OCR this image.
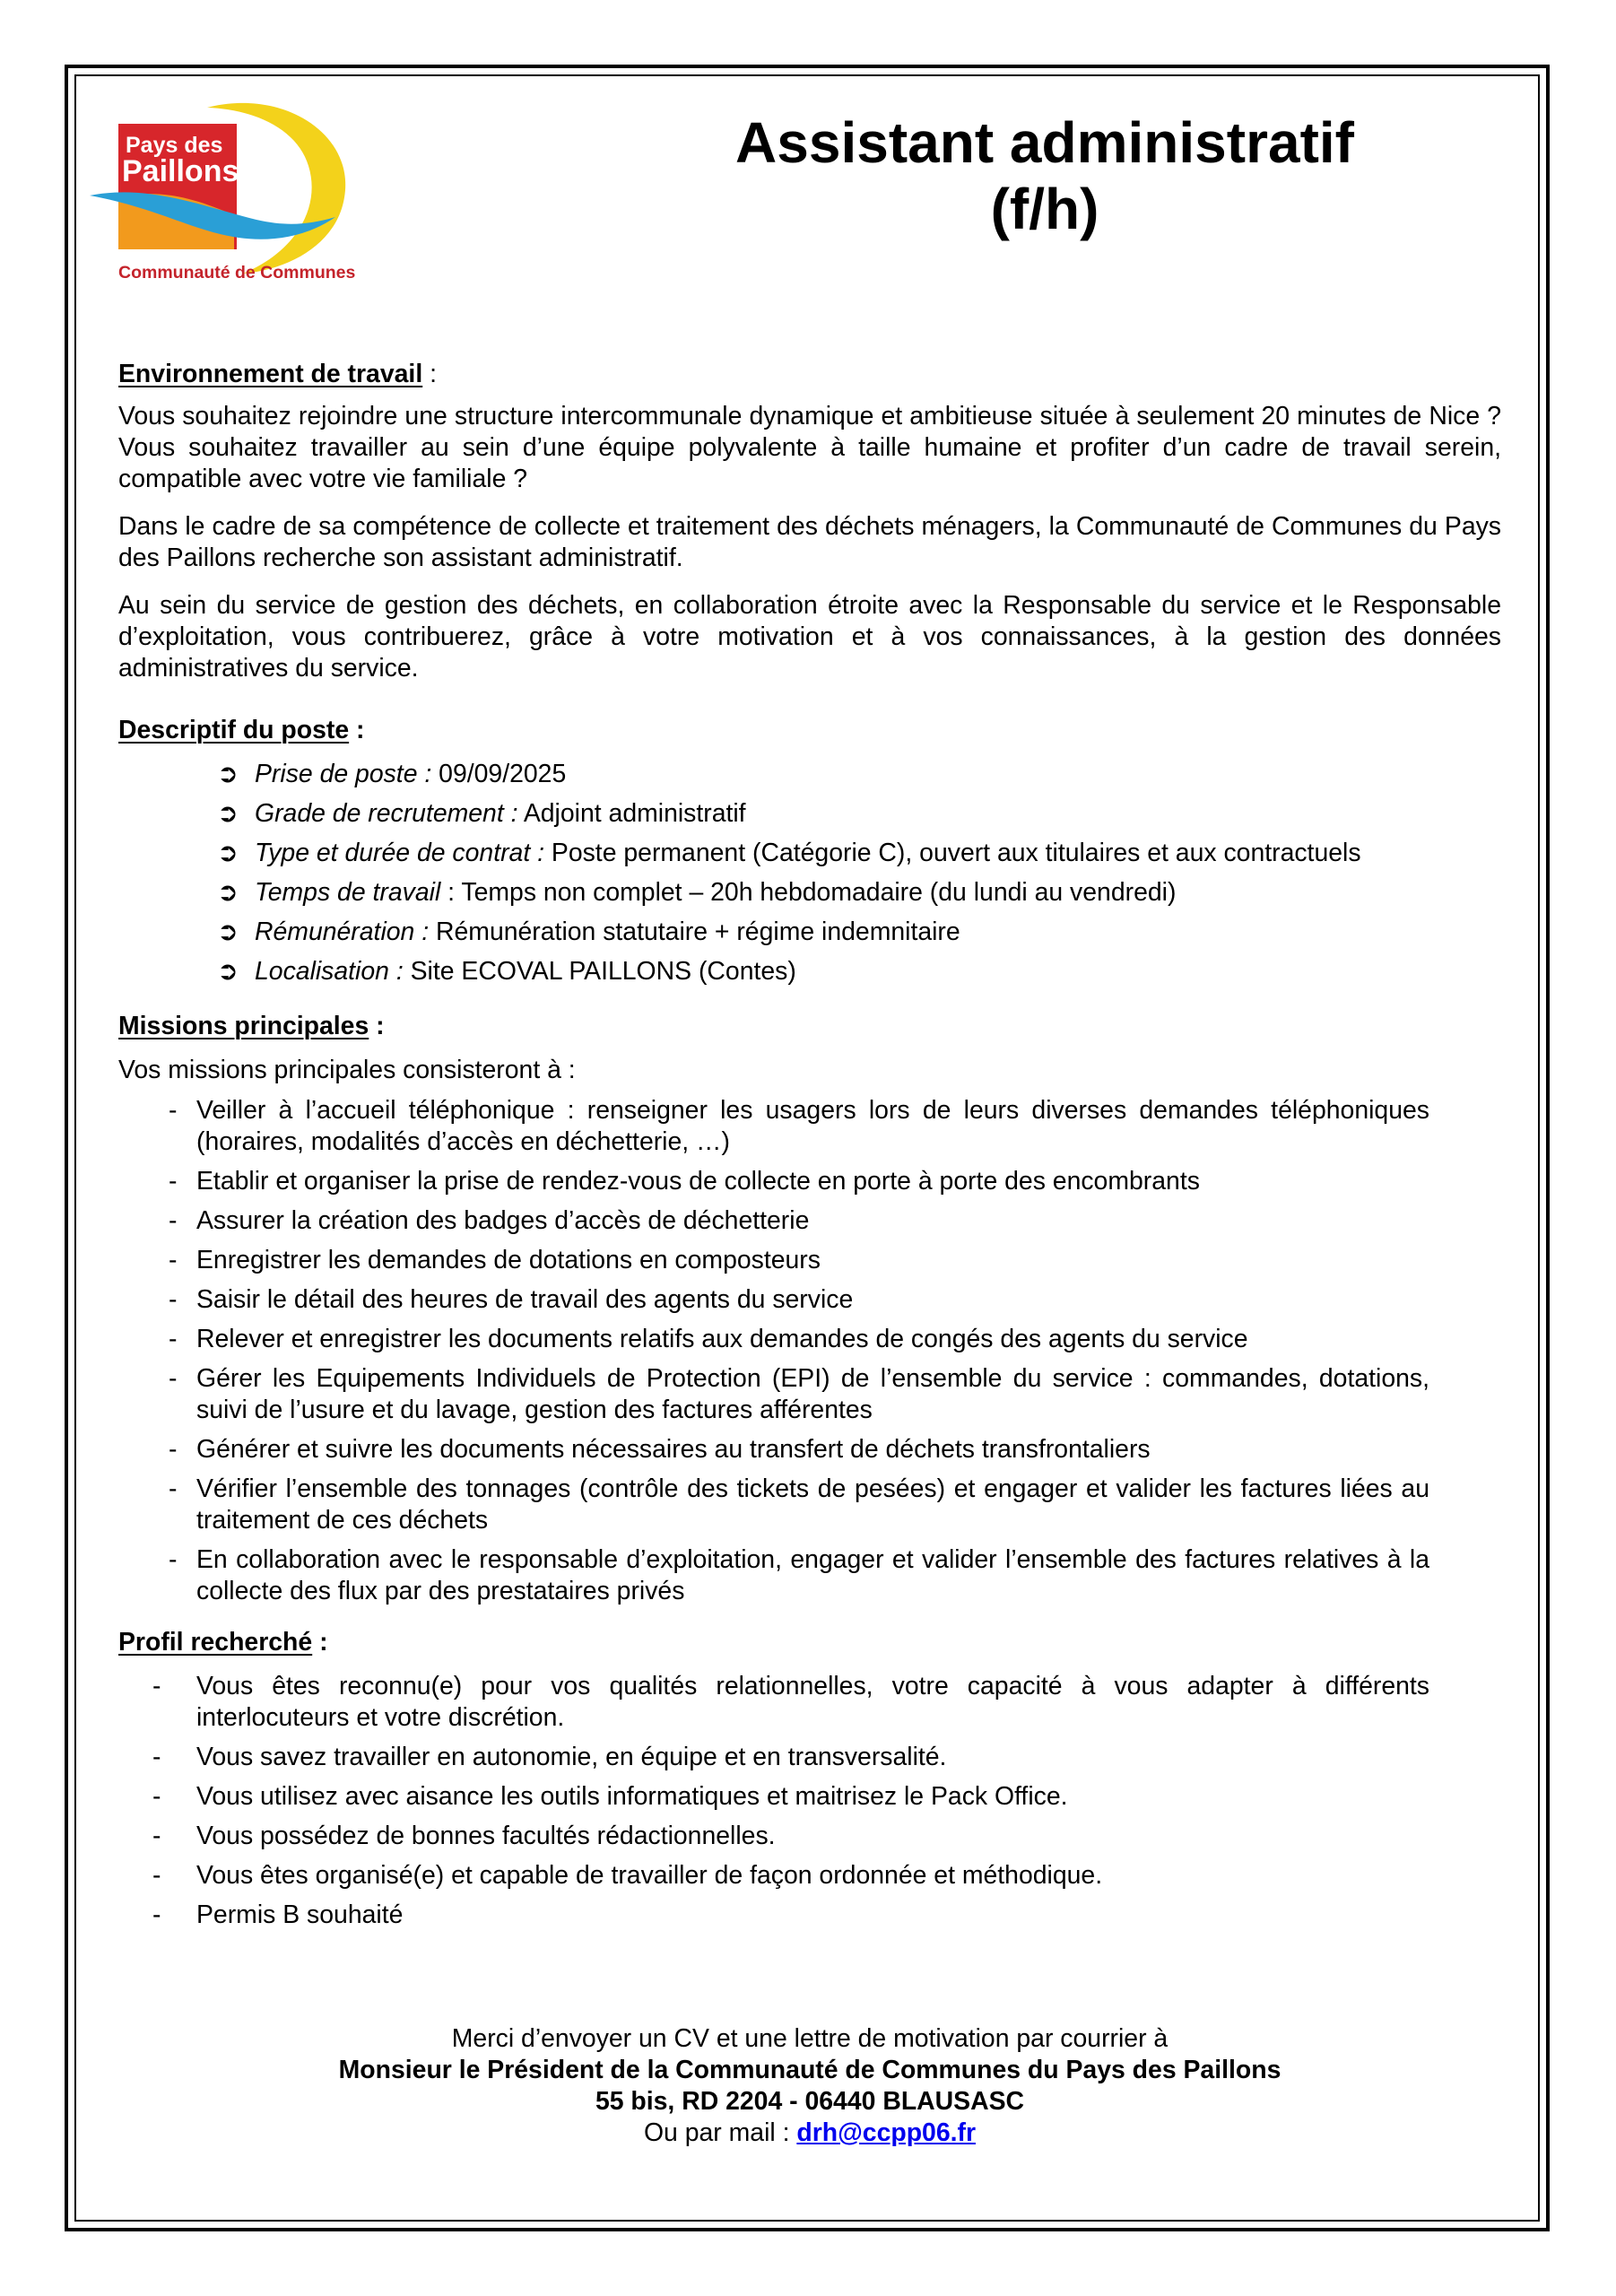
Pays des
Paillons
Communauté de Communes
Assistant administratif
(f/h)
Environnement de travail :

Vous souhaitez rejoindre une structure intercommunale dynamique et ambitieuse située à seulement 20 minutes de Nice ? Vous souhaitez travailler au sein d’une équipe polyvalente à taille humaine et profiter d’un cadre de travail serein, compatible avec votre vie familiale ?

Dans le cadre de sa compétence de collecte et traitement des déchets ménagers, la Communauté de Communes du Pays des Paillons recherche son assistant administratif.

Au sein du service de gestion des déchets, en collaboration étroite avec la Responsable du service et le Responsable d’exploitation, vous contribuerez, grâce à votre motivation et à vos connaissances, à la gestion des données administratives du service.

Descriptif du poste :
➲ Prise de poste : 09/09/2025
➲ Grade de recrutement : Adjoint administratif
➲ Type et durée de contrat : Poste permanent (Catégorie C), ouvert aux titulaires et aux contractuels
➲ Temps de travail : Temps non complet – 20h hebdomadaire (du lundi au vendredi)
➲ Rémunération : Rémunération statutaire + régime indemnitaire
➲ Localisation : Site ECOVAL PAILLONS (Contes)
Missions principales :

Vos missions principales consisteront à :

- Veiller à l’accueil téléphonique : renseigner les usagers lors de leurs diverses demandes téléphoniques (horaires, modalités d’accès en déchetterie, …)
- Etablir et organiser la prise de rendez-vous de collecte en porte à porte des encombrants
- Assurer la création des badges d’accès de déchetterie
- Enregistrer les demandes de dotations en composteurs
- Saisir le détail des heures de travail des agents du service
- Relever et enregistrer les documents relatifs aux demandes de congés des agents du service
- Gérer les Equipements Individuels de Protection (EPI) de l’ensemble du service : commandes, dotations, suivi de l’usure et du lavage, gestion des factures afférentes
- Générer et suivre les documents nécessaires au transfert de déchets transfrontaliers
- Vérifier l’ensemble des tonnages (contrôle des tickets de pesées) et engager et valider les factures liées au traitement de ces déchets
- En collaboration avec le responsable d’exploitation, engager et valider l’ensemble des factures relatives à la collecte des flux par des prestataires privés
Profil recherché :
- Vous êtes reconnu(e) pour vos qualités relationnelles, votre capacité à vous adapter à différents interlocuteurs et votre discrétion.
- Vous savez travailler en autonomie, en équipe et en transversalité.
- Vous utilisez avec aisance les outils informatiques et maitrisez le Pack Office.
- Vous possédez de bonnes facultés rédactionnelles.
- Vous êtes organisé(e) et capable de travailler de façon ordonnée et méthodique.
- Permis B souhaité
Merci d’envoyer un CV et une lettre de motivation par courrier à
Monsieur le Président de la Communauté de Communes du Pays des Paillons
55 bis, RD 2204 - 06440 BLAUSASC
Ou par mail : drh@ccpp06.fr
